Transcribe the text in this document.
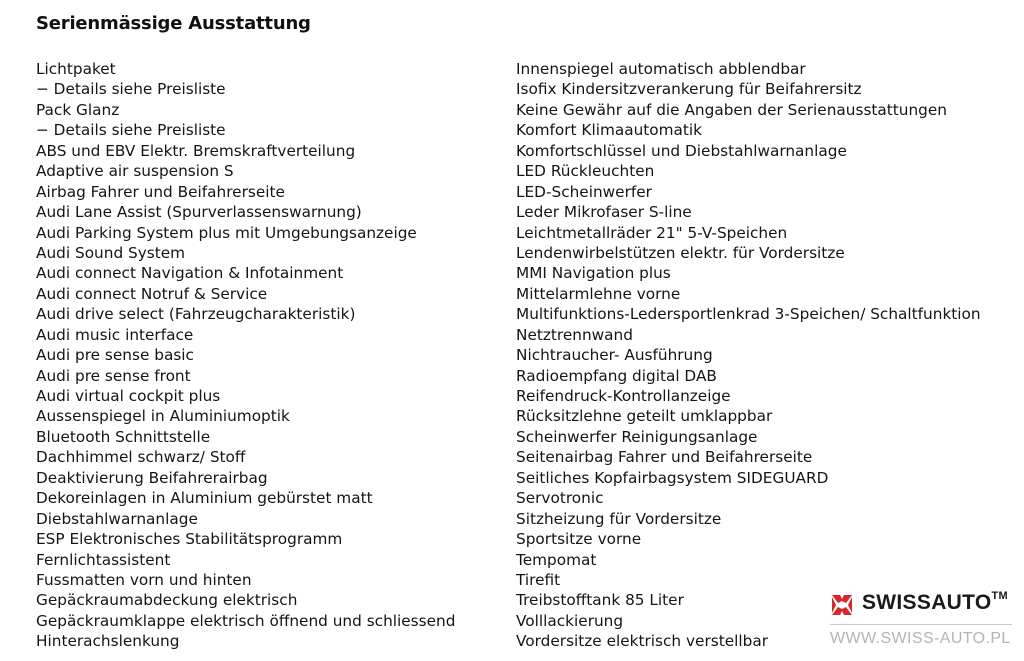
Serienmässige Ausstattung
Lichtpaket
− Details siehe Preisliste
Pack Glanz
− Details siehe Preisliste
ABS und EBV Elektr. Bremskraftverteilung
Adaptive air suspension S
Airbag Fahrer und Beifahrerseite
Audi Lane Assist (Spurverlassenswarnung)
Audi Parking System plus mit Umgebungsanzeige
Audi Sound System
Audi connect Navigation & Infotainment
Audi connect Notruf & Service
Audi drive select (Fahrzeugcharakteristik)
Audi music interface
Audi pre sense basic
Audi pre sense front
Audi virtual cockpit plus
Aussenspiegel in Aluminiumoptik
Bluetooth Schnittstelle
Dachhimmel schwarz/ Stoff
Deaktivierung Beifahrerairbag
Dekoreinlagen in Aluminium gebürstet matt
Diebstahlwarnanlage
ESP Elektronisches Stabilitätsprogramm
Fernlichtassistent
Fussmatten vorn und hinten
Gepäckraumabdeckung elektrisch
Gepäckraumklappe elektrisch öffnend und schliessend
Hinterachslenkung
Innenspiegel automatisch abblendbar
Isofix Kindersitzverankerung für Beifahrersitz
Keine Gewähr auf die Angaben der Serienausstattungen
Komfort Klimaautomatik
Komfortschlüssel und Diebstahlwarnanlage
LED Rückleuchten
LED-Scheinwerfer
Leder Mikrofaser S-line
Leichtmetallräder 21" 5-V-Speichen
Lendenwirbelstützen elektr. für Vordersitze
MMI Navigation plus
Mittelarmlehne vorne
Multifunktions-Ledersportlenkrad 3-Speichen/ Schaltfunktion
Netztrennwand
Nichtraucher- Ausführung
Radioempfang digital DAB
Reifendruck-Kontrollanzeige
Rücksitzlehne geteilt umklappbar
Scheinwerfer Reinigungsanlage
Seitenairbag Fahrer und Beifahrerseite
Seitliches Kopfairbagsystem SIDEGUARD
Servotronic
Sitzheizung für Vordersitze
Sportsitze vorne
Tempomat
Tirefit
Treibstofftank 85 Liter
Volllackierung
Vordersitze elektrisch verstellbar
SWISSAUTO™
WWW.SWISS-AUTO.PL
